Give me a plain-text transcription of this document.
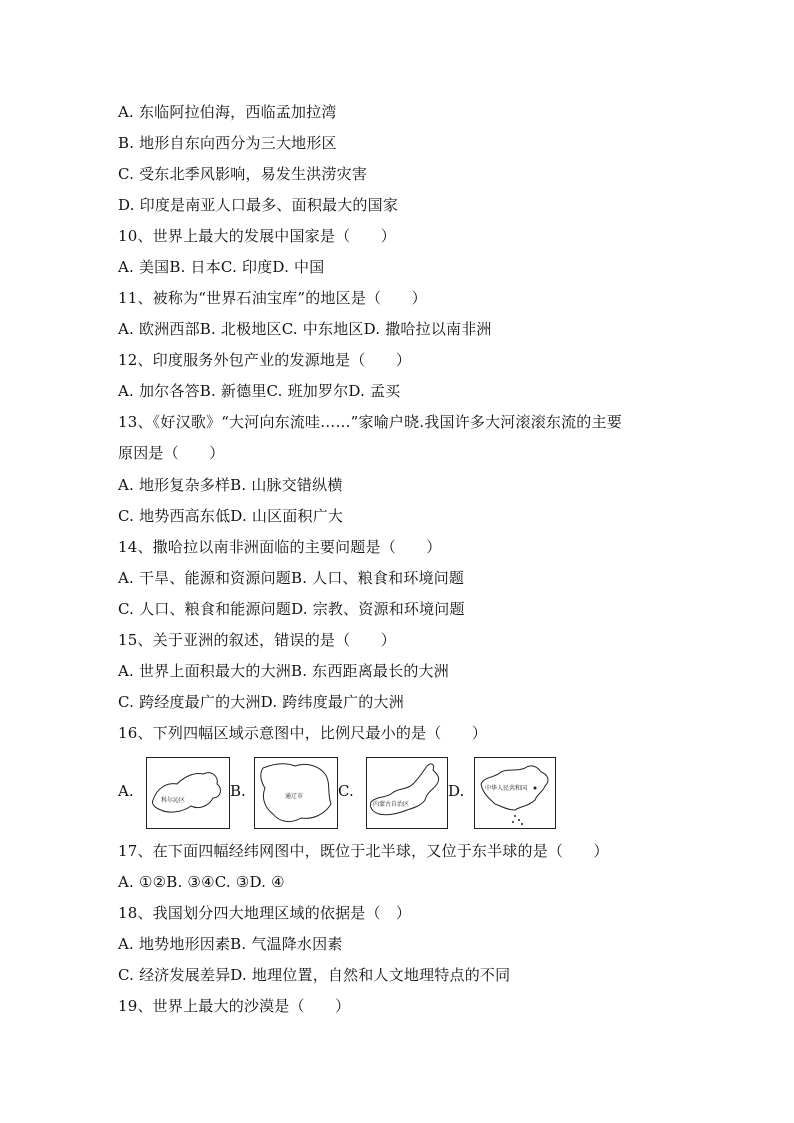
A. 东临阿拉伯海，西临孟加拉湾
B. 地形自东向西分为三大地形区
C. 受东北季风影响，易发生洪涝灾害
D. 印度是南亚人口最多、面积最大的国家
10、世界上最大的发展中国家是（　　）
A. 美国B. 日本C. 印度D. 中国
11、被称为“世界石油宝库”的地区是（　　）
A. 欧洲西部B. 北极地区C. 中东地区D. 撒哈拉以南非洲
12、印度服务外包产业的发源地是（　　）
A. 加尔各答B. 新德里C. 班加罗尔D. 孟买
13、《好汉歌》“大河向东流哇……”家喻户晓.我国许多大河滚滚东流的主要
原因是（　　）
A. 地形复杂多样B. 山脉交错纵横
C. 地势西高东低D. 山区面积广大
14、撒哈拉以南非洲面临的主要问题是（　　）
A. 干旱、能源和资源问题B. 人口、粮食和环境问题
C. 人口、粮食和能源问题D. 宗教、资源和环境问题
15、关于亚洲的叙述，错误的是（　　）
A. 世界上面积最大的大洲B. 东西距离最长的大洲
C. 跨经度最广的大洲D. 跨纬度最广的大洲
16、下列四幅区域示意图中，比例尺最小的是（　　）
A.
科尔沁区
B.	通辽市 C.
内蒙古自治区
D.	中华人民共和国
17、在下面四幅经纬网图中，既位于北半球，又位于东半球的是（　　）
A. ①②B. ③④C. ③D. ④
18、我国划分四大地理区域的依据是（　）
A. 地势地形因素B. 气温降水因素
C. 经济发展差异D. 地理位置，自然和人文地理特点的不同
19、世界上最大的沙漠是（　　）
